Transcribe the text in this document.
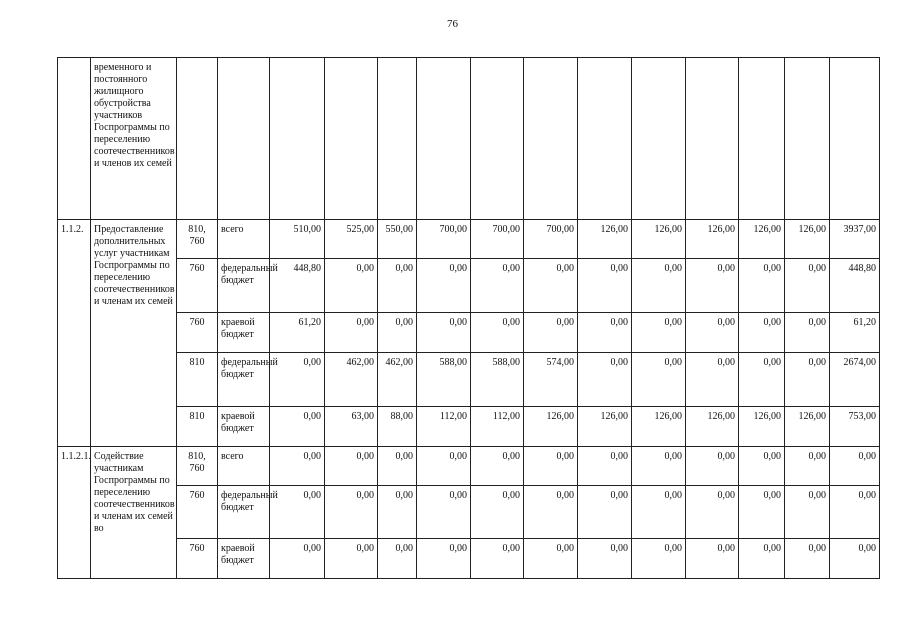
76
	временного и постоянного жилищного обустройства участников Госпрограммы по переселению соотечественников и членов их семей														
1.1.2.	Предоставление дополнительных услуг участникам Госпрограммы по переселению соотечественников и членам их семей	810, 760	всего	510,00	525,00	550,00	700,00	700,00	700,00	126,00	126,00	126,00	126,00	126,00	3937,00
		760	федеральный бюджет	448,80	0,00	0,00	0,00	0,00	0,00	0,00	0,00	0,00	0,00	0,00	448,80
		760	краевой бюджет	61,20	0,00	0,00	0,00	0,00	0,00	0,00	0,00	0,00	0,00	0,00	61,20
		810	федеральный бюджет	0,00	462,00	462,00	588,00	588,00	574,00	0,00	0,00	0,00	0,00	0,00	2674,00
		810	краевой бюджет	0,00	63,00	88,00	112,00	112,00	126,00	126,00	126,00	126,00	126,00	126,00	753,00
1.1.2.1.	Содействие участникам Госпрограммы по переселению соотечественников и членам их семей во	810, 760	всего	0,00	0,00	0,00	0,00	0,00	0,00	0,00	0,00	0,00	0,00	0,00	0,00
		760	федеральный бюджет	0,00	0,00	0,00	0,00	0,00	0,00	0,00	0,00	0,00	0,00	0,00	0,00
		760	краевой бюджет	0,00	0,00	0,00	0,00	0,00	0,00	0,00	0,00	0,00	0,00	0,00	0,00
